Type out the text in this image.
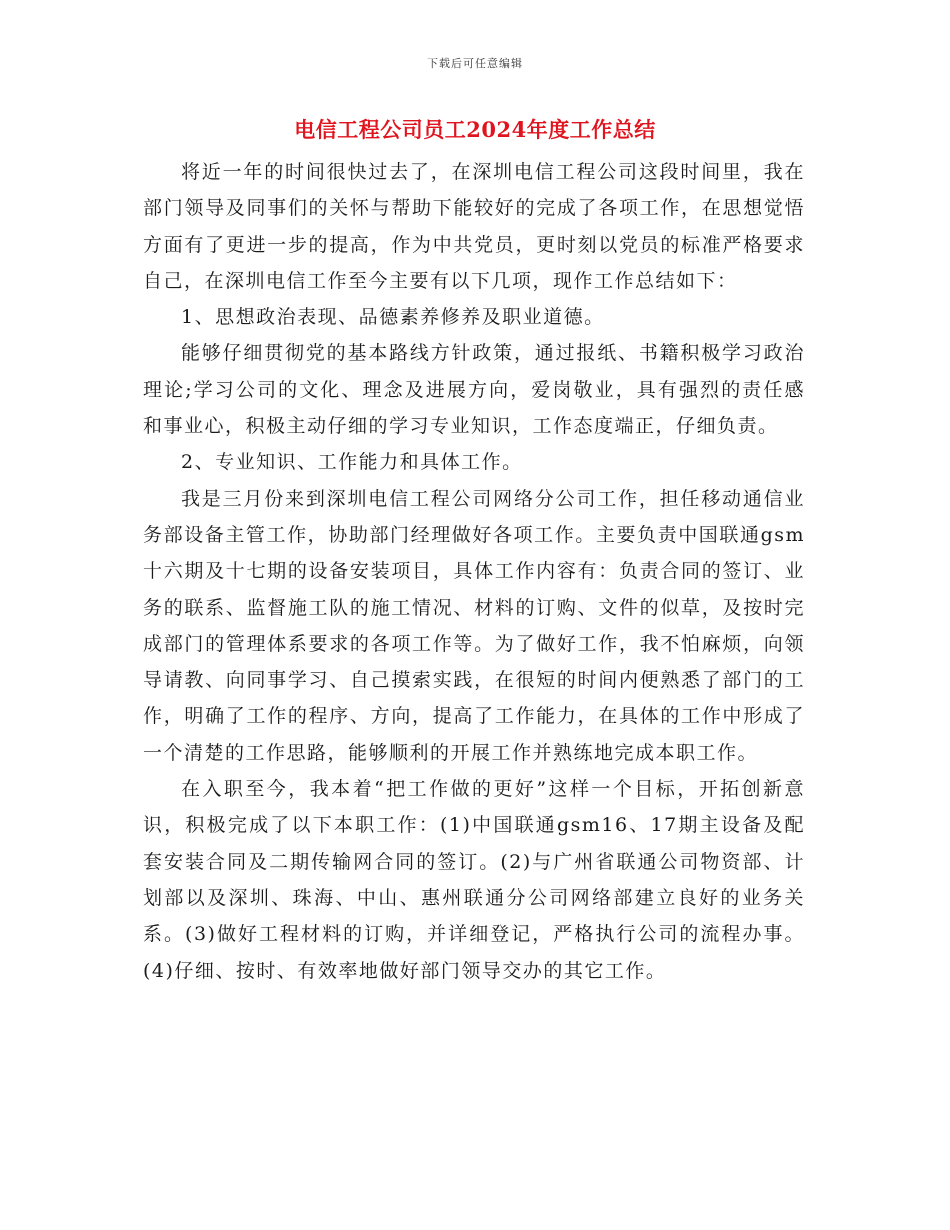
下载后可任意编辑
电信工程公司员工2024年度工作总结

将近一年的时间很快过去了，在深圳电信工程公司这段时间里，我在部门领导及同事们的关怀与帮助下能较好的完成了各项工作，在思想觉悟方面有了更进一步的提高，作为中共党员，更时刻以党员的标准严格要求自己，在深圳电信工作至今主要有以下几项，现作工作总结如下：

1、思想政治表现、品德素养修养及职业道德。

能够仔细贯彻党的基本路线方针政策，通过报纸、书籍积极学习政治理论;学习公司的文化、理念及进展方向，爱岗敬业，具有强烈的责任感和事业心，积极主动仔细的学习专业知识，工作态度端正，仔细负责。

2、专业知识、工作能力和具体工作。

我是三月份来到深圳电信工程公司网络分公司工作，担任移动通信业务部设备主管工作，协助部门经理做好各项工作。主要负责中国联通gsm十六期及十七期的设备安装项目，具体工作内容有：负责合同的签订、业务的联系、监督施工队的施工情况、材料的订购、文件的似草，及按时完成部门的管理体系要求的各项工作等。为了做好工作，我不怕麻烦，向领导请教、向同事学习、自己摸索实践，在很短的时间内便熟悉了部门的工作，明确了工作的程序、方向，提高了工作能力，在具体的工作中形成了一个清楚的工作思路，能够顺利的开展工作并熟练地完成本职工作。

在入职至今，我本着“把工作做的更好”这样一个目标，开拓创新意识，积极完成了以下本职工作：(1)中国联通gsm16、17期主设备及配套安装合同及二期传输网合同的签订。(2)与广州省联通公司物资部、计划部以及深圳、珠海、中山、惠州联通分公司网络部建立良好的业务关系。(3)做好工程材料的订购，并详细登记，严格执行公司的流程办事。(4)仔细、按时、有效率地做好部门领导交办的其它工作。
